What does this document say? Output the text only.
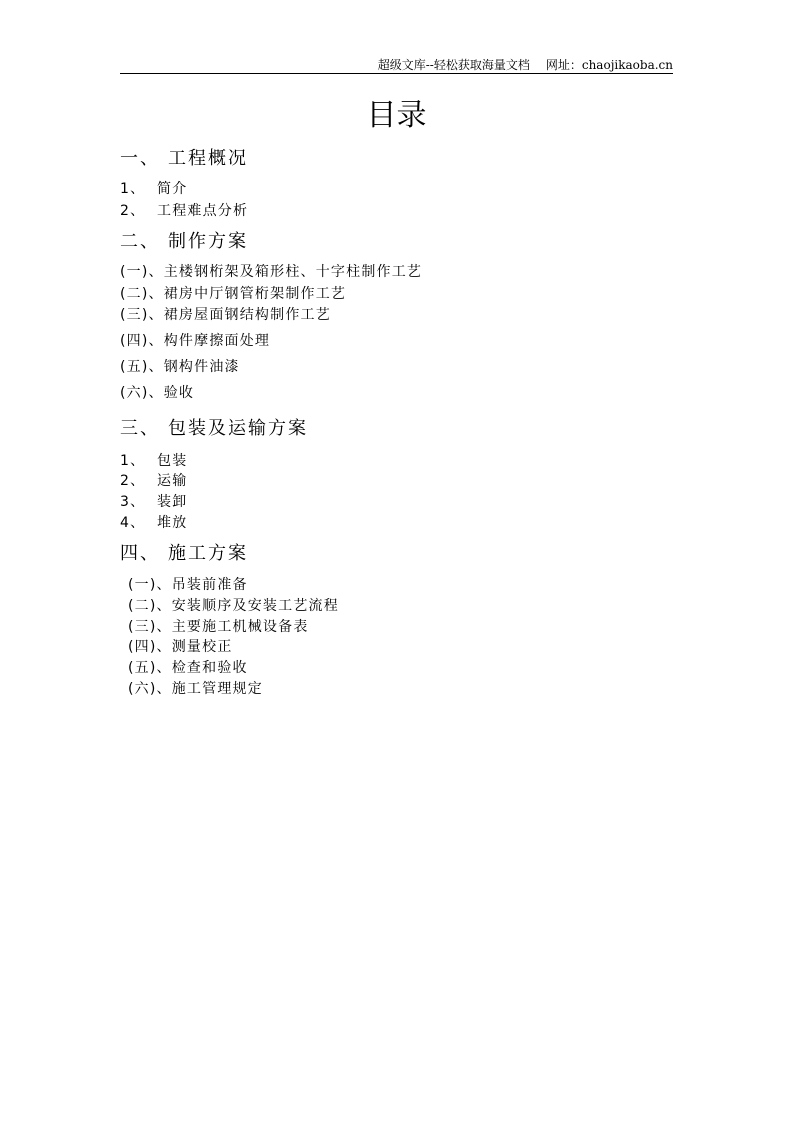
超级文库--轻松获取海量文档 网址：chaojikaoba.cn
目录
一、 工程概况
1、 简介
2、 工程难点分析
二、 制作方案
(一)、主楼钢桁架及箱形柱、十字柱制作工艺
(二)、裙房中厅钢管桁架制作工艺
(三)、裙房屋面钢结构制作工艺
(四)、构件摩擦面处理
(五)、钢构件油漆
(六)、验收
三、 包装及运输方案
1、 包装
2、 运输
3、 装卸
4、 堆放
四、 施工方案
(一)、吊装前准备
(二)、安装顺序及安装工艺流程
(三)、主要施工机械设备表
(四)、测量校正
(五)、检查和验收
(六)、施工管理规定
